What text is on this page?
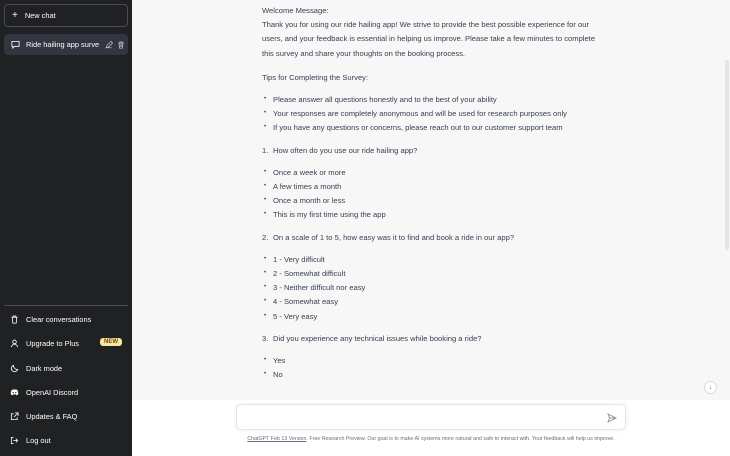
+ New chat
Ride hailing app surve
Clear conversations
Upgrade to Plus	NEW
Dark mode
OpenAI Discord
Updates & FAQ
Log out

Welcome Message:

Thank you for using our ride hailing app! We strive to provide the best possible experience for our users, and your feedback is essential in helping us improve. Please take a few minutes to complete this survey and share your thoughts on the booking process.

Tips for Completing the Survey:

• Please answer all questions honestly and to the best of your ability
• Your responses are completely anonymous and will be used for research purposes only
• If you have any questions or concerns, please reach out to our customer support team
1. How often do you use our ride hailing app?
• Once a week or more
• A few times a month
• Once a month or less
• This is my first time using the app
2. On a scale of 1 to 5, how easy was it to find and book a ride in our app?
• 1 - Very difficult
• 2 - Somewhat difficult
• 3 - Neither difficult nor easy
• 4 - Somewhat easy
• 5 - Very easy
3. Did you experience any technical issues while booking a ride?
• Yes
• No
↓
ChatGPT Feb 13 Version. Free Research Preview. Our goal is to make AI systems more natural and safe to interact with. Your feedback will help us improve.
